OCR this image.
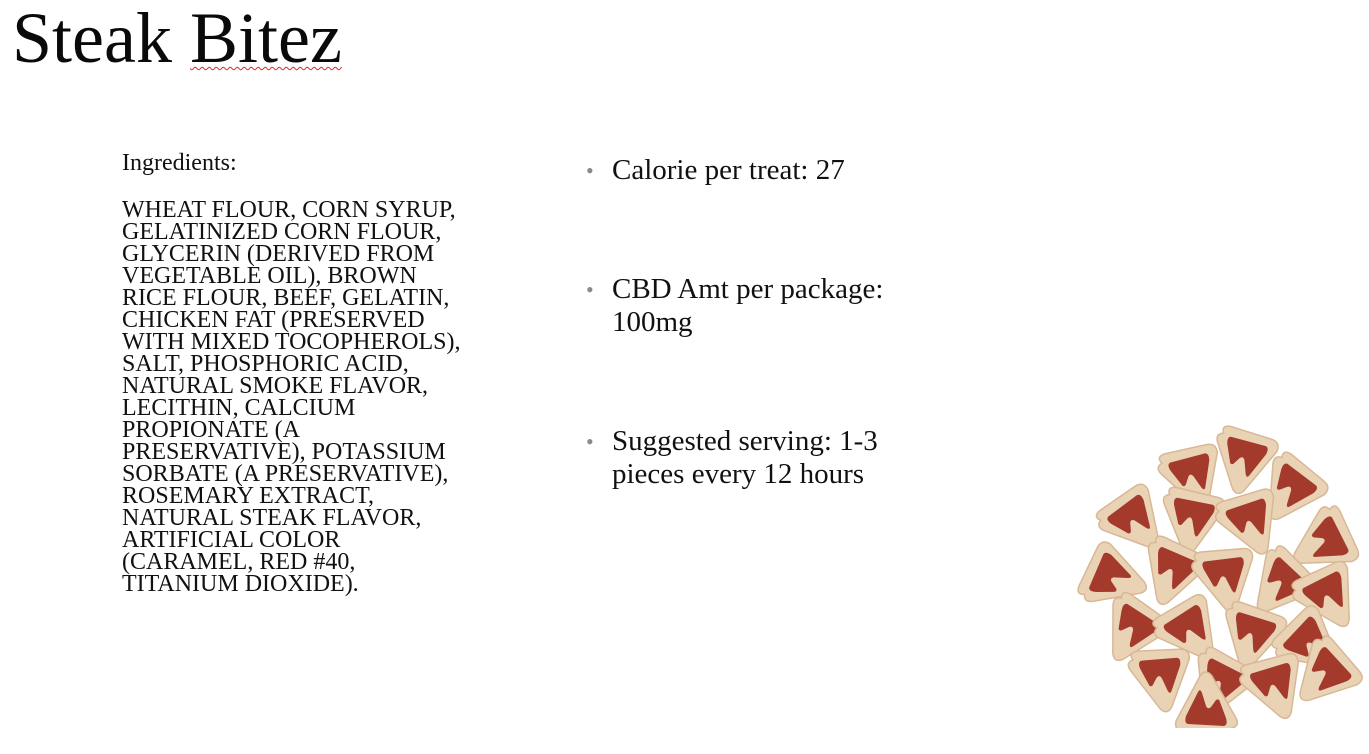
Steak Bitez

Ingredients:

WHEAT FLOUR, CORN SYRUP, GELATINIZED CORN FLOUR, GLYCERIN (DERIVED FROM VEGETABLE OIL), BROWN RICE FLOUR, BEEF, GELATIN, CHICKEN FAT (PRESERVED WITH MIXED TOCOPHEROLS), SALT, PHOSPHORIC ACID, NATURAL SMOKE FLAVOR, LECITHIN, CALCIUM PROPIONATE (A PRESERVATIVE), POTASSIUM SORBATE (A PRESERVATIVE), ROSEMARY EXTRACT, NATURAL STEAK FLAVOR, ARTIFICIAL COLOR (CARAMEL, RED #40, TITANIUM DIOXIDE).

• Calorie per treat: 27
• CBD Amt per package: 100mg
• Suggested serving: 1-3 pieces every 12 hours
